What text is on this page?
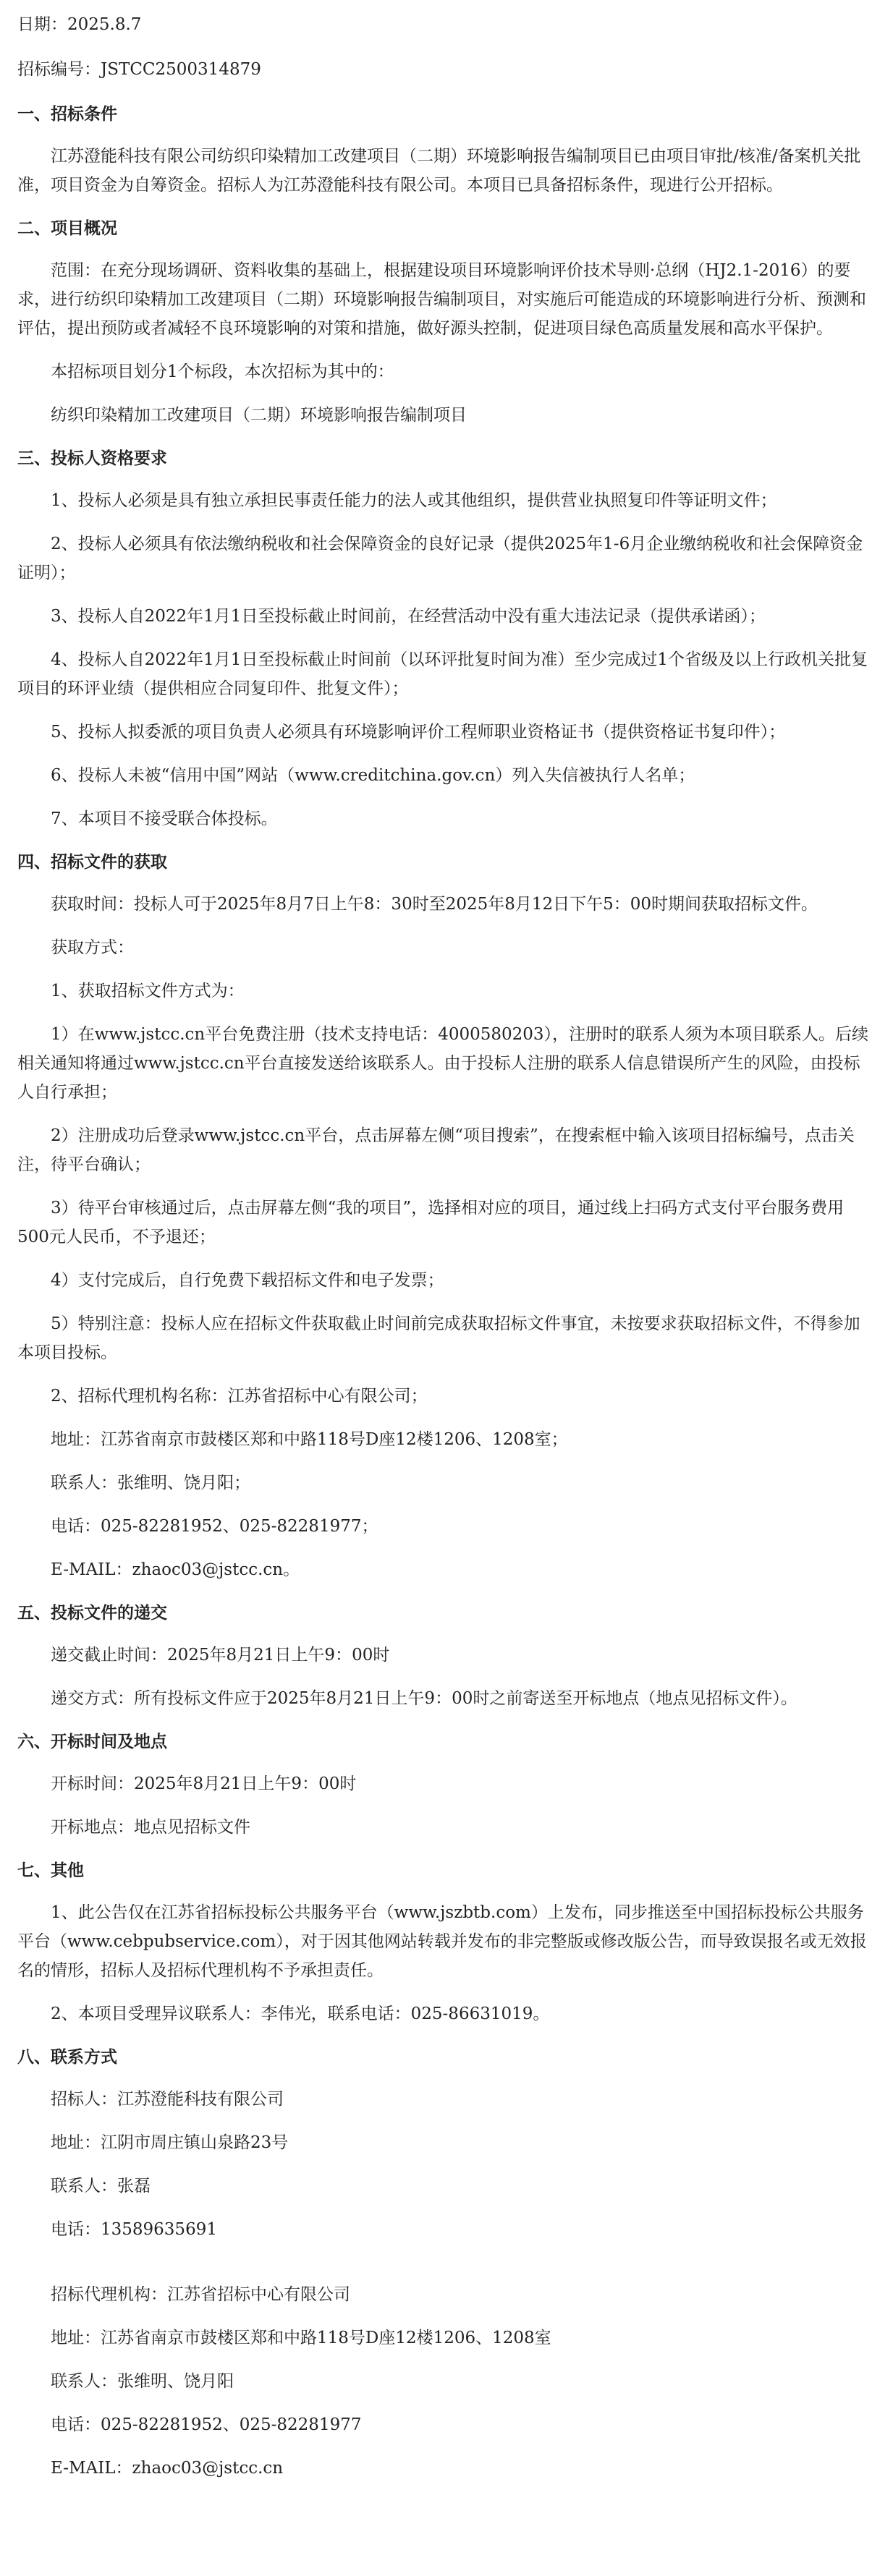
日期：2025.8.7

招标编号：JSTCC2500314879

一、招标条件

江苏澄能科技有限公司纺织印染精加工改建项目（二期）环境影响报告编制项目已由项目审批/核准/备案机关批准，项目资金为自筹资金。招标人为江苏澄能科技有限公司。本项目已具备招标条件，现进行公开招标。

二、项目概况

范围：在充分现场调研、资料收集的基础上，根据建设项目环境影响评价技术导则·总纲（HJ2.1-2016）的要求，进行纺织印染精加工改建项目（二期）环境影响报告编制项目，对实施后可能造成的环境影响进行分析、预测和评估，提出预防或者减轻不良环境影响的对策和措施，做好源头控制，促进项目绿色高质量发展和高水平保护。

本招标项目划分1个标段，本次招标为其中的：

纺织印染精加工改建项目（二期）环境影响报告编制项目

三、投标人资格要求

1、投标人必须是具有独立承担民事责任能力的法人或其他组织，提供营业执照复印件等证明文件；

2、投标人必须具有依法缴纳税收和社会保障资金的良好记录（提供2025年1-6月企业缴纳税收和社会保障资金证明）；

3、投标人自2022年1月1日至投标截止时间前，在经营活动中没有重大违法记录（提供承诺函）；

4、投标人自2022年1月1日至投标截止时间前（以环评批复时间为准）至少完成过1个省级及以上行政机关批复项目的环评业绩（提供相应合同复印件、批复文件）；

5、投标人拟委派的项目负责人必须具有环境影响评价工程师职业资格证书（提供资格证书复印件）；

6、投标人未被“信用中国”网站（www.creditchina.gov.cn）列入失信被执行人名单；

7、本项目不接受联合体投标。

四、招标文件的获取

获取时间：投标人可于2025年8月7日上午8：30时至2025年8月12日下午5：00时期间获取招标文件。

获取方式：

1、获取招标文件方式为：

1）在www.jstcc.cn平台免费注册（技术支持电话：4000580203），注册时的联系人须为本项目联系人。后续相关通知将通过www.jstcc.cn平台直接发送给该联系人。由于投标人注册的联系人信息错误所产生的风险，由投标人自行承担；

2）注册成功后登录www.jstcc.cn平台，点击屏幕左侧“项目搜索”，在搜索框中输入该项目招标编号，点击关注，待平台确认；

3）待平台审核通过后，点击屏幕左侧“我的项目”，选择相对应的项目，通过线上扫码方式支付平台服务费用500元人民币，不予退还；

4）支付完成后，自行免费下载招标文件和电子发票；

5）特别注意：投标人应在招标文件获取截止时间前完成获取招标文件事宜，未按要求获取招标文件，不得参加本项目投标。

2、招标代理机构名称：江苏省招标中心有限公司；

地址：江苏省南京市鼓楼区郑和中路118号D座12楼1206、1208室；

联系人：张维明、饶月阳；

电话：025-82281952、025-82281977；

E-MAIL：zhaoc03@jstcc.cn。

五、投标文件的递交

递交截止时间：2025年8月21日上午9：00时

递交方式：所有投标文件应于2025年8月21日上午9：00时之前寄送至开标地点（地点见招标文件）。

六、开标时间及地点

开标时间：2025年8月21日上午9：00时

开标地点：地点见招标文件

七、其他

1、此公告仅在江苏省招标投标公共服务平台（www.jszbtb.com）上发布，同步推送至中国招标投标公共服务平台（www.cebpubservice.com），对于因其他网站转载并发布的非完整版或修改版公告，而导致误报名或无效报名的情形，招标人及招标代理机构不予承担责任。

2、本项目受理异议联系人：李伟光，联系电话：025-86631019。

八、联系方式

招标人：江苏澄能科技有限公司

地址：江阴市周庄镇山泉路23号

联系人：张磊

电话：13589635691

招标代理机构：江苏省招标中心有限公司

地址：江苏省南京市鼓楼区郑和中路118号D座12楼1206、1208室

联系人：张维明、饶月阳

电话：025-82281952、025-82281977

E-MAIL：zhaoc03@jstcc.cn
